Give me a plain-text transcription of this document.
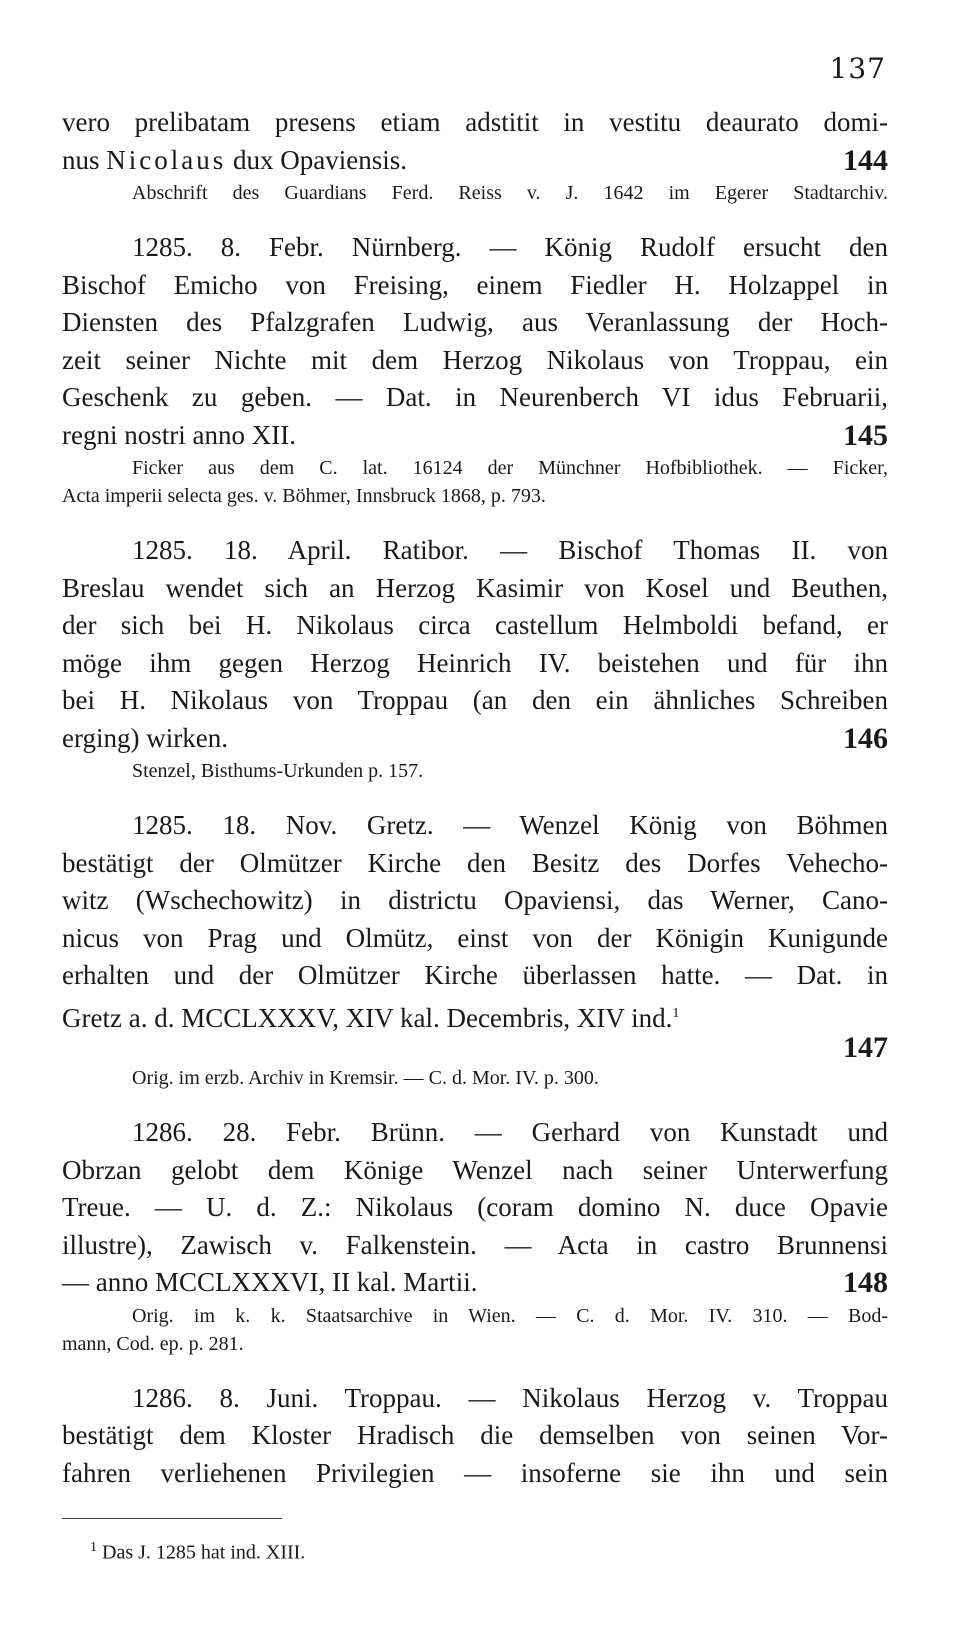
137
vero prelibatam presens etiam adstitit in vestitu deaurato domi-
nus Nicolaus dux Opaviensis.	144
Abschrift des Guardians Ferd. Reiss v. J. 1642 im Egerer Stadtarchiv.
1285. 8. Febr. Nürnberg. — König Rudolf ersucht den
Bischof Emicho von Freising, einem Fiedler H. Holzappel in
Diensten des Pfalzgrafen Ludwig, aus Veranlassung der Hoch-
zeit seiner Nichte mit dem Herzog Nikolaus von Troppau, ein
Geschenk zu geben. — Dat. in Neurenberch VI idus Februarii,
regni nostri anno XII.	145
Ficker aus dem C. lat. 16124 der Münchner Hofbibliothek. — Ficker,
Acta imperii selecta ges. v. Böhmer, Innsbruck 1868, p. 793.
1285. 18. April. Ratibor. — Bischof Thomas II. von
Breslau wendet sich an Herzog Kasimir von Kosel und Beuthen,
der sich bei H. Nikolaus circa castellum Helmboldi befand, er
möge ihm gegen Herzog Heinrich IV. beistehen und für ihn
bei H. Nikolaus von Troppau (an den ein ähnliches Schreiben
erging) wirken.	146
Stenzel, Bisthums-Urkunden p. 157.
1285. 18. Nov. Gretz. — Wenzel König von Böhmen
bestätigt der Olmützer Kirche den Besitz des Dorfes Vehecho-
witz (Wschechowitz) in districtu Opaviensi, das Werner, Cano-
nicus von Prag und Olmütz, einst von der Königin Kunigunde
erhalten und der Olmützer Kirche überlassen hatte. — Dat. in
Gretz a. d. MCCLXXXV, XIV kal. Decembris, XIV ind.$^1$
147
Orig. im erzb. Archiv in Kremsir. — C. d. Mor. IV. p. 300.
1286. 28. Febr. Brünn. — Gerhard von Kunstadt und
Obrzan gelobt dem Könige Wenzel nach seiner Unterwerfung
Treue. — U. d. Z.: Nikolaus (coram domino N. duce Opavie
illustre), Zawisch v. Falkenstein. — Acta in castro Brunnensi
— anno MCCLXXXVI, II kal. Martii.	148
Orig. im k. k. Staatsarchive in Wien. — C. d. Mor. IV. 310. — Bod-
mann, Cod. ep. p. 281.
1286. 8. Juni. Troppau. — Nikolaus Herzog v. Troppau
bestätigt dem Kloster Hradisch die demselben von seinen Vor-
fahren verliehenen Privilegien — insoferne sie ihn und sein
$^1$ Das J. 1285 hat ind. XIII.
